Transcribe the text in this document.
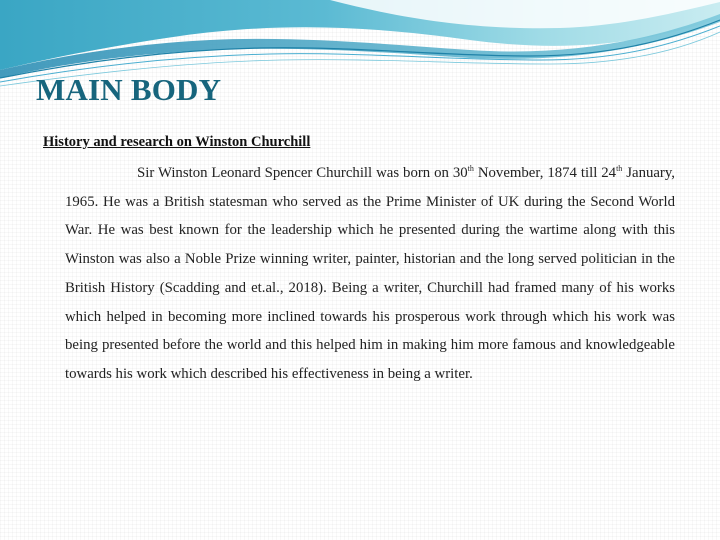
MAIN BODY
History and research on Winston Churchill

Sir Winston Leonard Spencer Churchill was born on 30th November, 1874 till 24th January, 1965. He was a British statesman who served as the Prime Minister of UK during the Second World War. He was best known for the leadership which he presented during the wartime along with this Winston was also a Noble Prize winning writer, painter, historian and the long served politician in the British History (Scadding and et.al., 2018). Being a writer, Churchill had framed many of his works which helped in becoming more inclined towards his prosperous work through which his work was being presented before the world and this helped him in making him more famous and knowledgeable towards his work which described his effectiveness in being a writer.
